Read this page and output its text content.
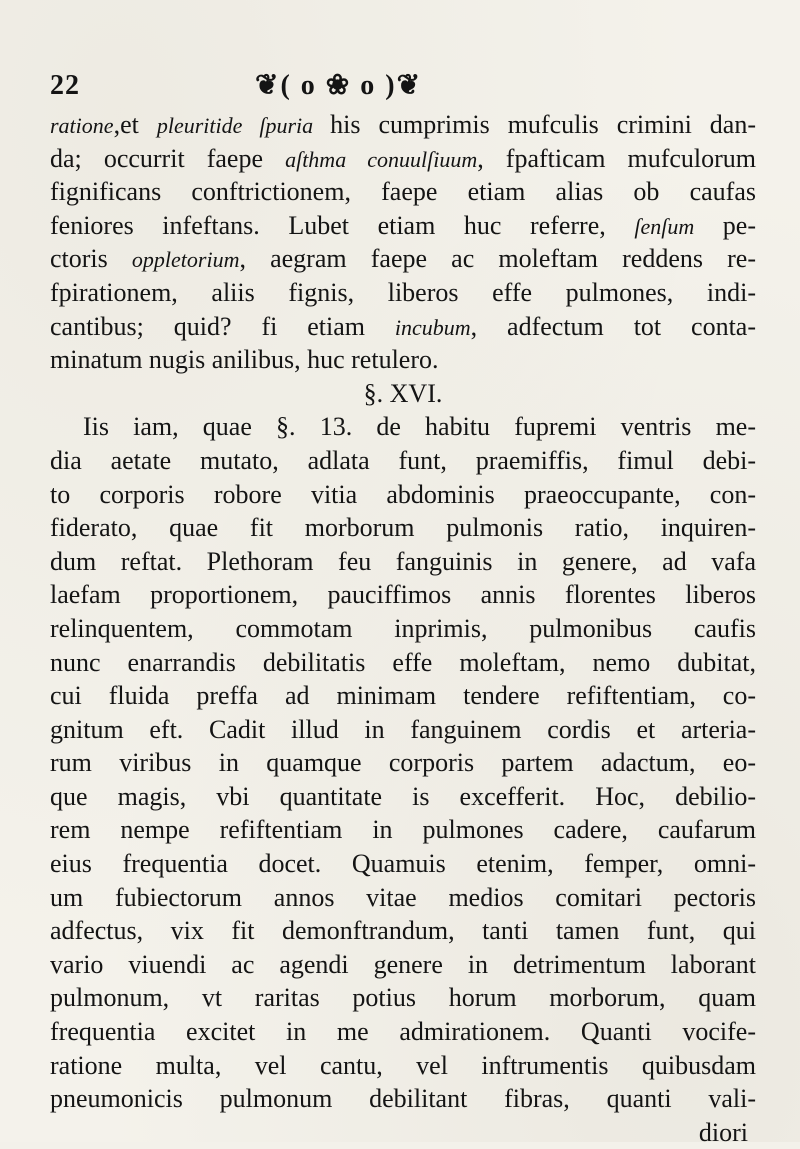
22	❦( o ❀ o )❦
ratione,et pleuritide ſpuria his cumprimis mufculis crimini dan-
da; occurrit faepe aſthma conuulſiuum, fpafticam mufculorum
fignificans conftrictionem, faepe etiam alias ob caufas
feniores infeftans. Lubet etiam huc referre, ſenſum pe-
ctoris oppletorium, aegram faepe ac moleftam reddens re-
fpirationem, aliis fignis, liberos effe pulmones, indi-
cantibus; quid? fi etiam incubum, adfectum tot conta-
minatum nugis anilibus, huc retulero.
§. XVI.
Iis iam, quae §. 13. de habitu fupremi ventris me-
dia aetate mutato, adlata funt, praemiffis, fimul debi-
to corporis robore vitia abdominis praeoccupante, con-
fiderato, quae fit morborum pulmonis ratio, inquiren-
dum reftat. Plethoram feu fanguinis in genere, ad vafa
laefam proportionem, pauciffimos annis florentes liberos
relinquentem, commotam inprimis, pulmonibus caufis
nunc enarrandis debilitatis effe moleftam, nemo dubitat,
cui fluida preffa ad minimam tendere refiftentiam, co-
gnitum eft. Cadit illud in fanguinem cordis et arteria-
rum viribus in quamque corporis partem adactum, eo-
que magis, vbi quantitate is excefferit. Hoc, debilio-
rem nempe refiftentiam in pulmones cadere, caufarum
eius frequentia docet. Quamuis etenim, femper, omni-
um fubiectorum annos vitae medios comitari pectoris
adfectus, vix fit demonftrandum, tanti tamen funt, qui
vario viuendi ac agendi genere in detrimentum laborant
pulmonum, vt raritas potius horum morborum, quam
frequentia excitet in me admirationem. Quanti vocife-
ratione multa, vel cantu, vel inftrumentis quibusdam
pneumonicis pulmonum debilitant fibras, quanti vali-
diori
